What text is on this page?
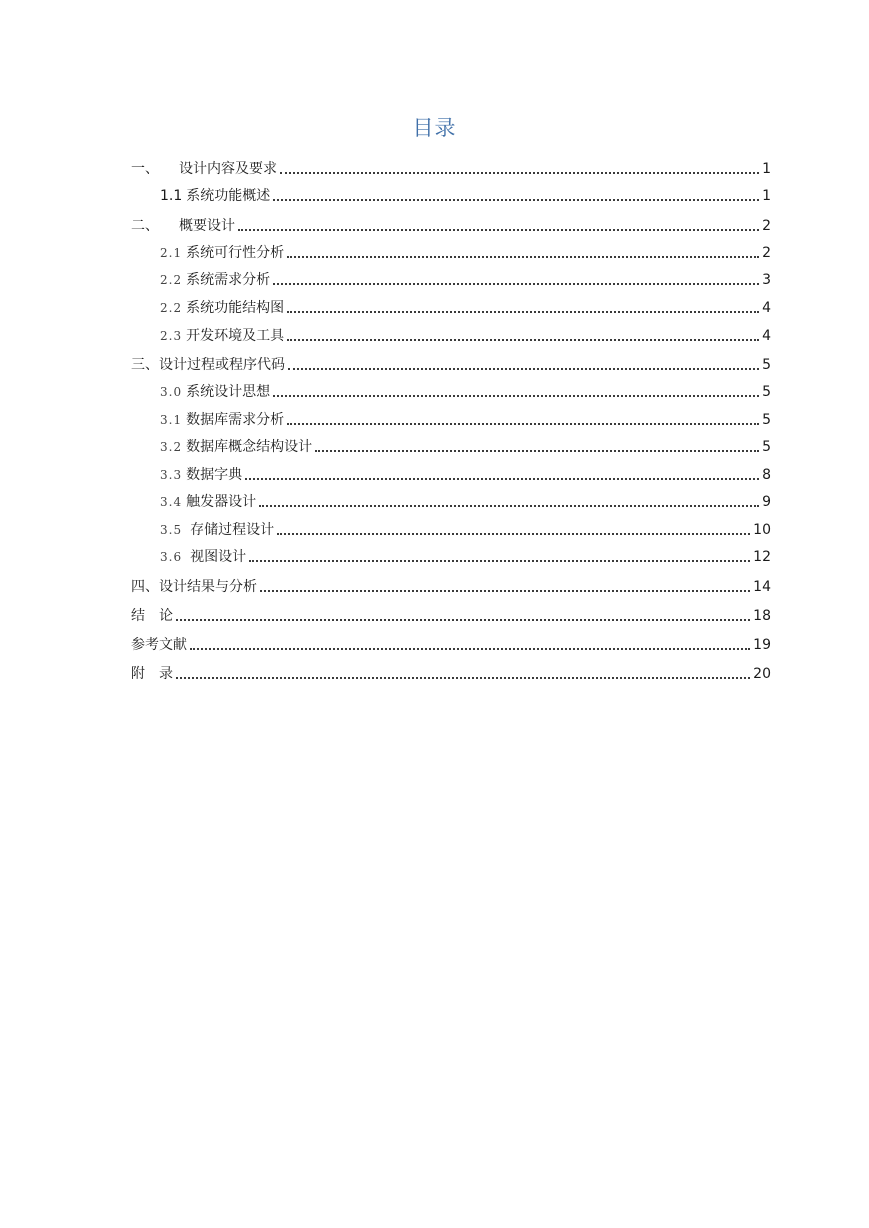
目录
一、 设计内容及要求	1
1.1 系统功能概述	1
二、 概要设计	2
2.1 系统可行性分析	2
2.2 系统需求分析	3
2.2 系统功能结构图	4
2.3 开发环境及工具	4
三、 设计过程或程序代码	5
3.0 系统设计思想	5
3.1 数据库需求分析	5
3.2 数据库概念结构设计	5
3.3 数据字典	8
3.4 触发器设计	9
3.5 存储过程设计	10
3.6 视图设计	12
四、设计结果与分析	14
结　论	18
参考文献	19
附　录	20
